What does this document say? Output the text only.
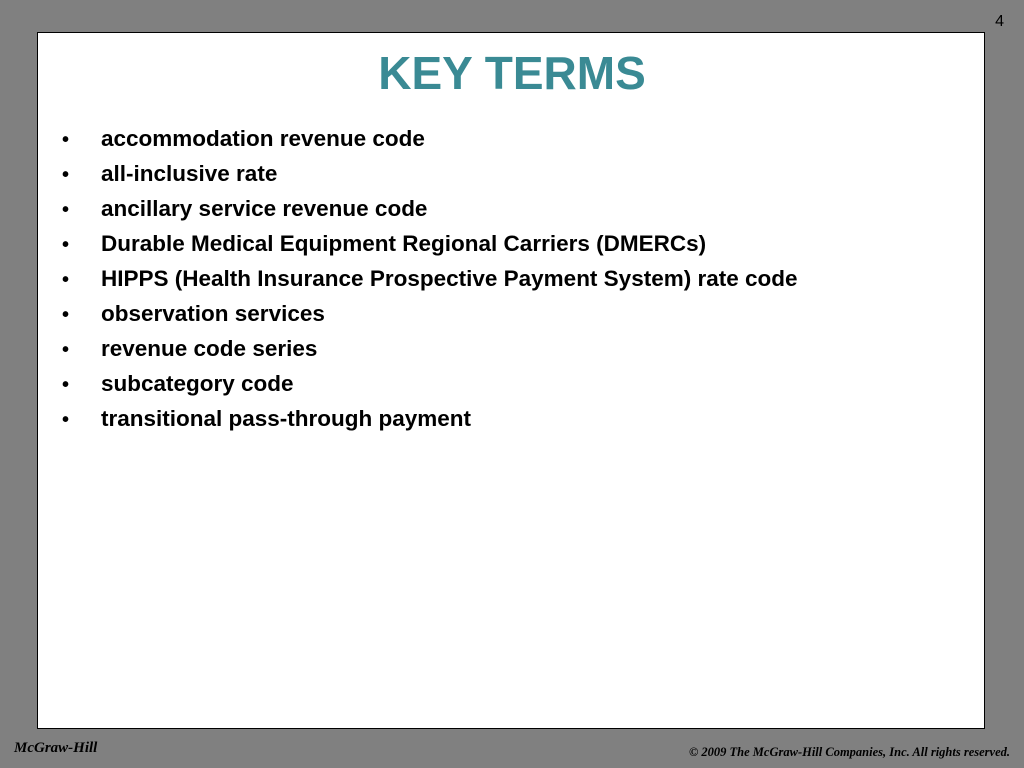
4
KEY TERMS
•	accommodation revenue code
•	all-inclusive rate
•	ancillary service revenue code
•	Durable Medical Equipment Regional Carriers (DMERCs)
•	HIPPS (Health Insurance Prospective Payment System) rate code
•	observation services
•	revenue code series
•	subcategory code
•	transitional pass-through payment
McGraw-Hill	© 2009 The McGraw-Hill Companies, Inc. All rights reserved.
